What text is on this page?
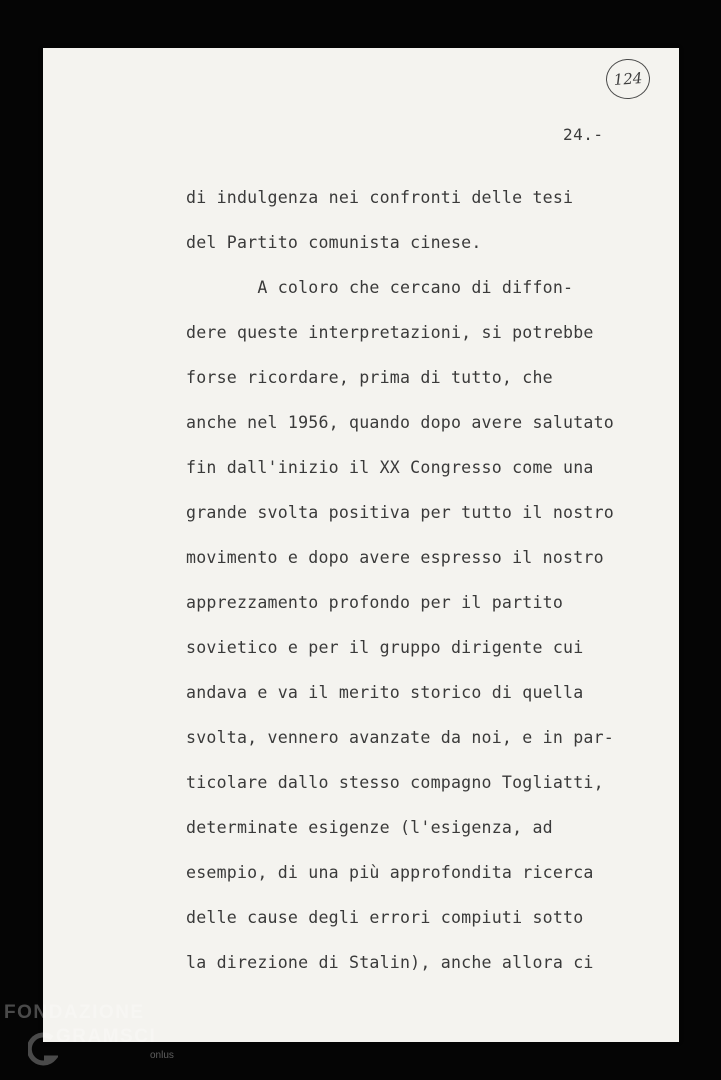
124
24.-
di indulgenza nei confronti delle tesi
del Partito comunista cinese.
A coloro che cercano di diffon-
dere queste interpretazioni, si potrebbe
forse ricordare, prima di tutto, che
anche nel 1956, quando dopo avere salutato
fin dall'inizio il XX Congresso come una
grande svolta positiva per tutto il nostro
movimento e dopo avere espresso il nostro
apprezzamento profondo per il partito
sovietico e per il gruppo dirigente cui
andava e va il merito storico di quella
svolta, vennero avanzate da noi, e in par-
ticolare dallo stesso compagno Togliatti,
determinate esigenze (l'esigenza, ad
esempio, di una più approfondita ricerca
delle cause degli errori compiuti sotto
la direzione di Stalin), anche allora ci
FONDAZIONE
GRAMSCI
onlus
